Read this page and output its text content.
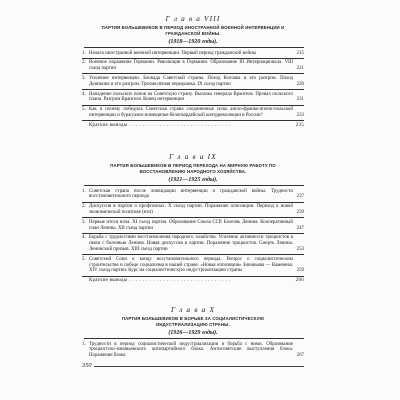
Г л а в а VIII
ПАРТИЯ БОЛЬШЕВИКОВ В ПЕРИОД ИНОСТРАННОЙ ВОЕННОЙ ИНТЕРВЕНЦИИ И ГРАЖДАНСКОЙ ВОЙНЫ.
(1918—1920 годы).
1. Начало иностранной военной интервенции. Первый период гражданской войны	215
2. Военное поражение Германии. Революция в Германии. Образование III Интернационала. VIII съезд партии	221
3. Усиление интервенции. Блокада Советской страны. Поход Колчака и его разгром. Поход Деникина и его разгром. Трехмесячная передышка. IX съезд партии	226
4. Нападение польских панов на Советскую страну. Вылазка генерала Врангеля. Провал польского плана. Разгром Врангеля. Конец интервенции	231
5. Как и почему победила Советская страна соединенные силы англо-франко-японо-польской интервенции и буржуазно-помещичье-белогвардейской контрреволюции в России?	233
Краткие выводы . . . . . . . . . . . . . . . . . . . . . . . . . . . . . .	235
Г л а в а IX
ПАРТИЯ БОЛЬШЕВИКОВ В ПЕРИОД ПЕРЕХОДА НА МИРНУЮ РАБОТУ ПО ВОССТАНОВЛЕНИЮ НАРОДНОГО ХОЗЯЙСТВА.
(1921—1925 годы).
1. Советская страна после ликвидации интервенции и гражданской войны. Трудности восстановительного периода	237
2. Дискуссия в партии о профсоюзах. X съезд партии. Поражение оппозиции. Переход к новой экономической политике (нэп)	239
3. Первые итоги нэпа. XI съезд партии. Образование Союза ССР. Болезнь Ленина. Кооперативный план Ленина. XII съезд партии	247
4. Борьба с трудностями восстановления народного хозяйства. Усиление активности троцкистов в связи с болезнью Ленина. Новая дискуссия в партии. Поражение троцкистов. Смерть Ленина. Ленинский призыв. XIII съезд партии	253
5. Советский Союз к концу восстановительного периода. Вопрос о социалистическом строительстве и победе социализма в нашей стране. «Новая оппозиция» Зиновьева — Каменева. XIV съезд партии. Курс на социалистическую индустриализацию страны	259
Краткие выводы . . . . . . . . . . . . . . . . . . . . . . . . . . . . . .	266
Г л а в а X
ПАРТИЯ БОЛЬШЕВИКОВ В БОРЬБЕ ЗА СОЦИАЛИСТИЧЕСКУЮ ИНДУСТРИАЛИЗАЦИЮ СТРАНЫ.
(1926—1929 годы).
1. Трудности в период социалистической индустриализации и борьба с ними. Образование троцкистско-зиновьевского антипартийного блока. Антисоветские выступления блока. Поражение блока	267
350
